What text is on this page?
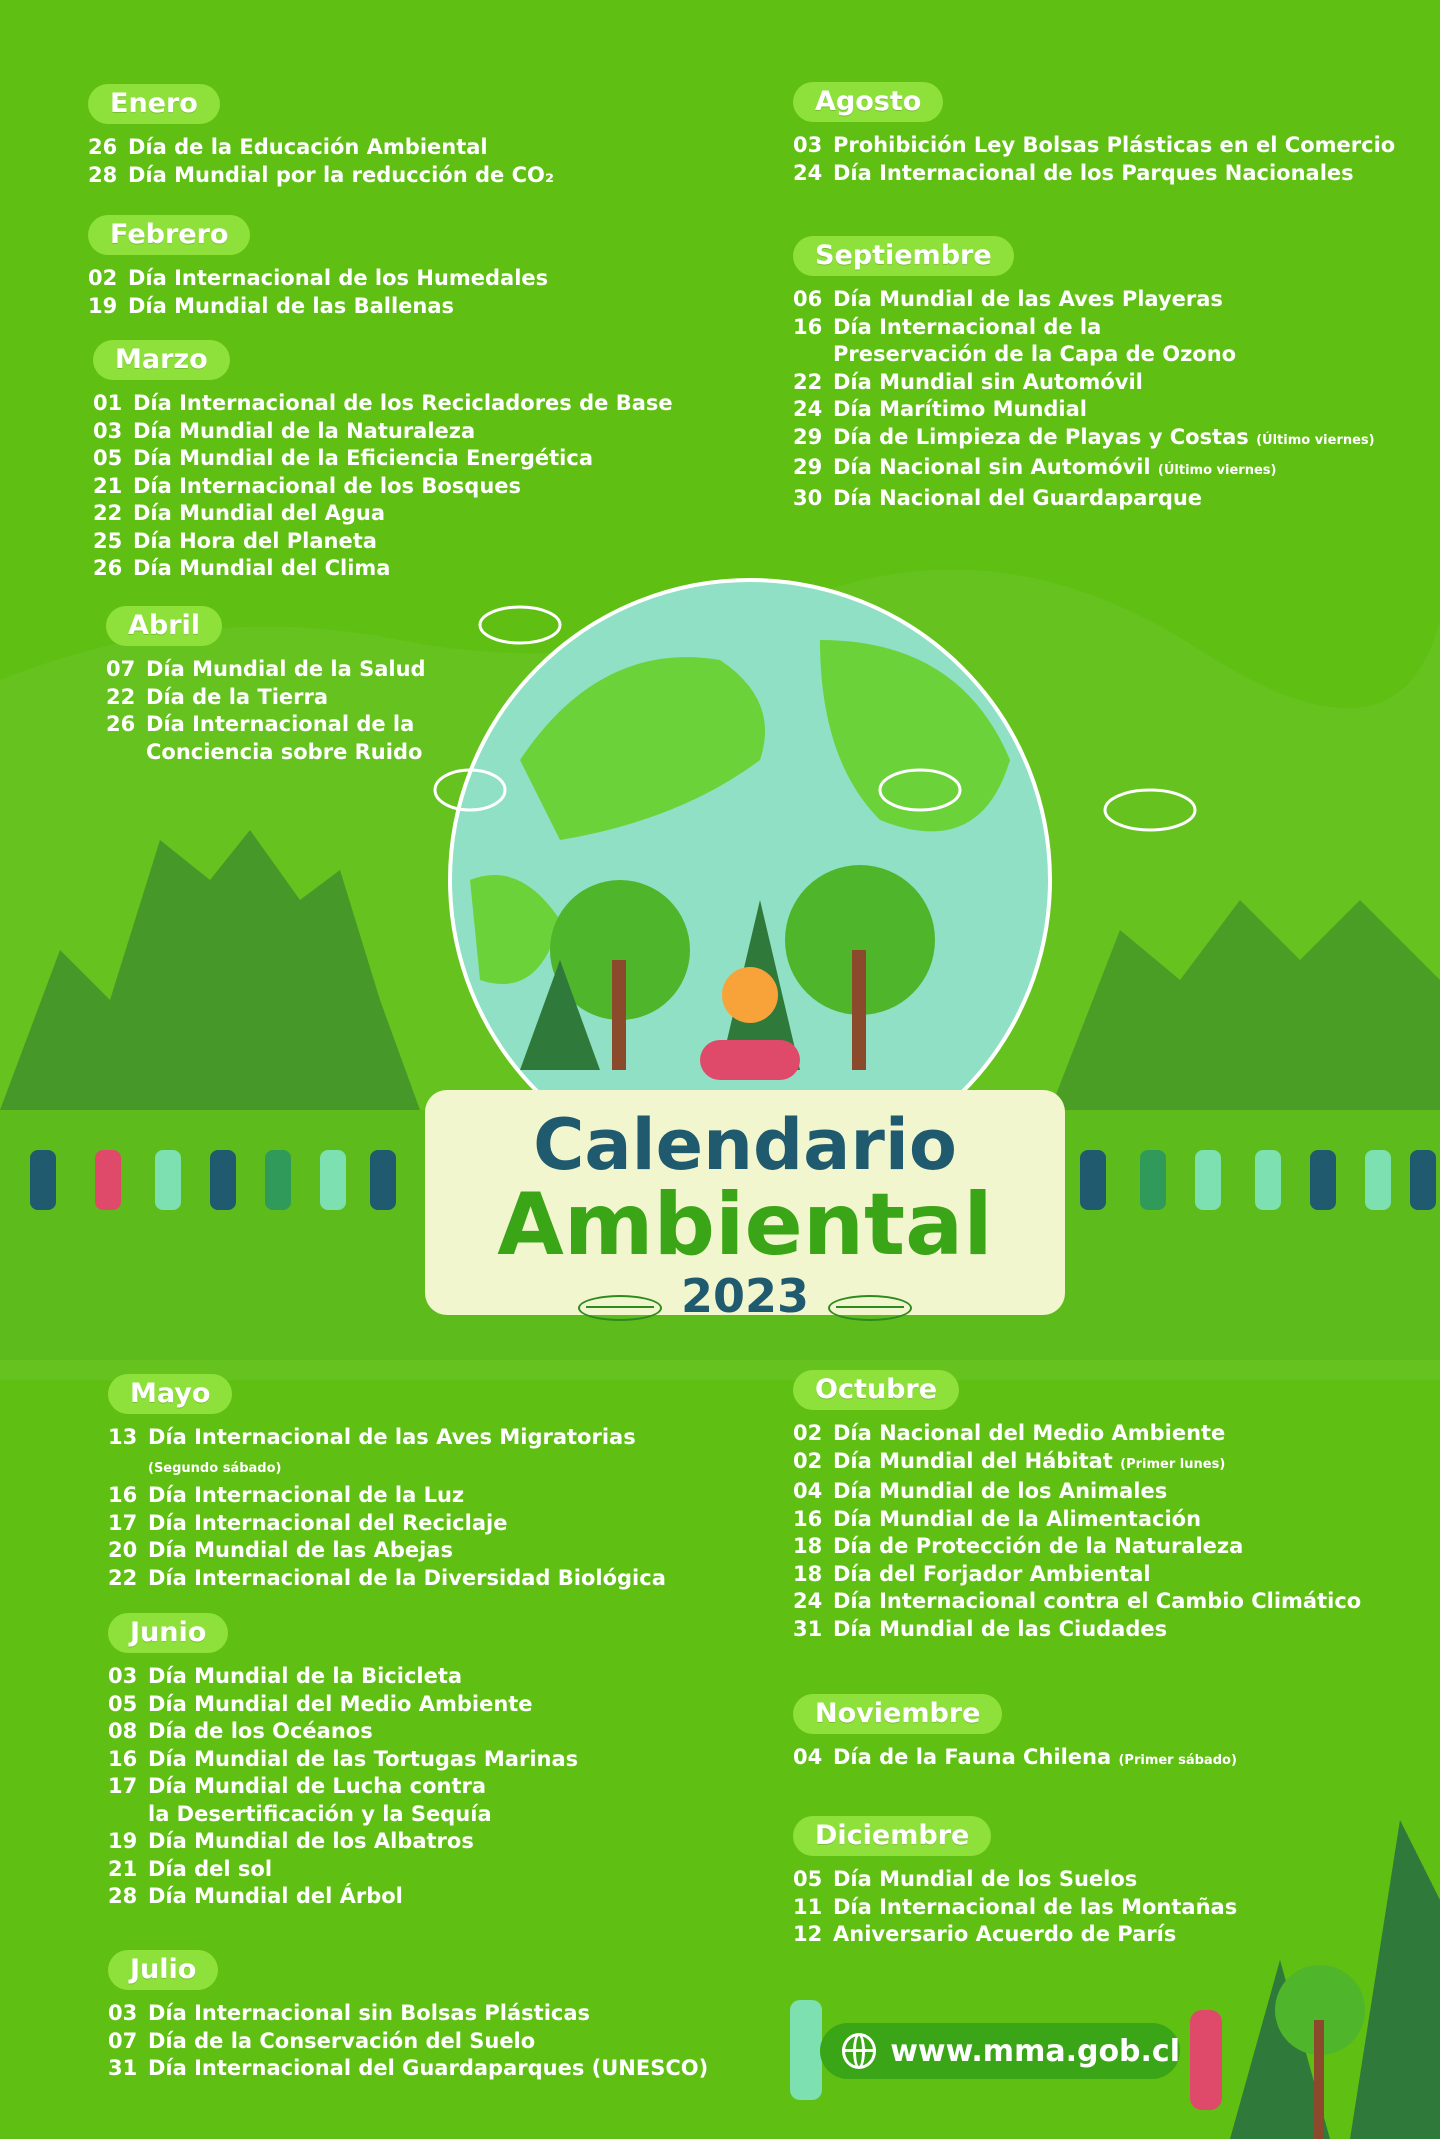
Enero
26 Día de la Educación Ambiental
28 Día Mundial por la reducción de CO₂
Febrero
02 Día Internacional de los Humedales
19 Día Mundial de las Ballenas
Marzo
01 Día Internacional de los Recicladores de Base
03 Día Mundial de la Naturaleza
05 Día Mundial de la Eficiencia Energética
21 Día Internacional de los Bosques
22 Día Mundial del Agua
25 Día Hora del Planeta
26 Día Mundial del Clima
Abril
07 Día Mundial de la Salud
22 Día de la Tierra
26 Día Internacional de la Conciencia sobre Ruido
Mayo
13 Día Internacional de las Aves Migratorias
(Segundo sábado)
16 Día Internacional de la Luz
17 Día Internacional del Reciclaje
20 Día Mundial de las Abejas
22 Día Internacional de la Diversidad Biológica
Junio
03 Día Mundial de la Bicicleta
05 Día Mundial del Medio Ambiente
08 Día de los Océanos
16 Día Mundial de las Tortugas Marinas
17 Día Mundial de Lucha contra la Desertificación y la Sequía
19 Día Mundial de los Albatros
21 Día del sol
28 Día Mundial del Árbol
Julio
03 Día Internacional sin Bolsas Plásticas
07 Día de la Conservación del Suelo
31 Día Internacional del Guardaparques (UNESCO)
Agosto
03 Prohibición Ley Bolsas Plásticas en el Comercio
24 Día Internacional de los Parques Nacionales
Septiembre
06 Día Mundial de las Aves Playeras
16 Día Internacional de la Preservación de la Capa de Ozono
22 Día Mundial sin Automóvil
24 Día Marítimo Mundial
29 Día de Limpieza de Playas y Costas (Último viernes)
29 Día Nacional sin Automóvil (Último viernes)
30 Día Nacional del Guardaparque
Octubre
02 Día Nacional del Medio Ambiente
02 Día Mundial del Hábitat (Primer lunes)
04 Día Mundial de los Animales
16 Día Mundial de la Alimentación
18 Día de Protección de la Naturaleza
18 Día del Forjador Ambiental
24 Día Internacional contra el Cambio Climático
31 Día Mundial de las Ciudades
Noviembre
04 Día de la Fauna Chilena (Primer sábado)
Diciembre
05 Día Mundial de los Suelos
11 Día Internacional de las Montañas
12 Aniversario Acuerdo de París
Calendario
Ambiental
2023
www.mma.gob.cl
